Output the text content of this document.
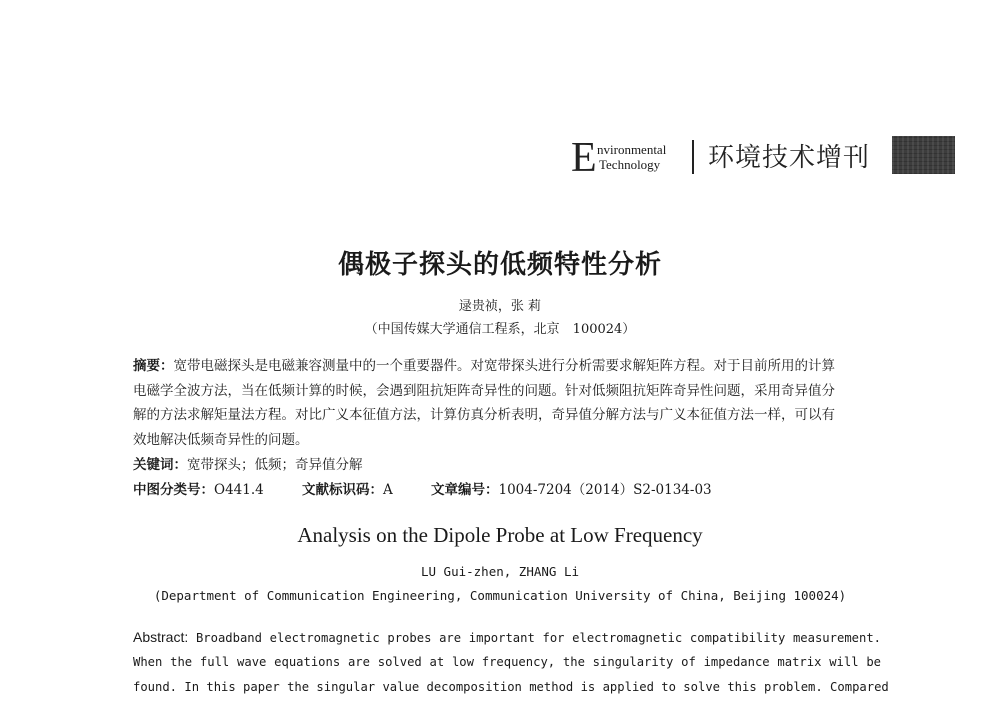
E nvironmental
Technology 环境技术增刊
偶极子探头的低频特性分析
逯贵祯，张 莉
（中国传媒大学通信工程系，北京　100024）
摘要：宽带电磁探头是电磁兼容测量中的一个重要器件。对宽带探头进行分析需要求解矩阵方程。对于目前所用的计算
电磁学全波方法，当在低频计算的时候，会遇到阻抗矩阵奇异性的问题。针对低频阻抗矩阵奇异性问题，采用奇异值分
解的方法求解矩量法方程。对比广义本征值方法，计算仿真分析表明，奇异值分解方法与广义本征值方法一样，可以有
效地解决低频奇异性的问题。
关键词：宽带探头；低频；奇异值分解
中图分类号：O441.4	文献标识码：A	文章编号：1004-7204（2014）S2-0134-03
Analysis on the Dipole Probe at Low Frequency
LU Gui-zhen, ZHANG Li
(Department of Communication Engineering, Communication University of China, Beijing 100024)
Abstract: Broadband electromagnetic probes are important for electromagnetic compatibility measurement.
When the full wave equations are solved at low frequency, the singularity of impedance matrix will be
found. In this paper the singular value decomposition method is applied to solve this problem. Compared
